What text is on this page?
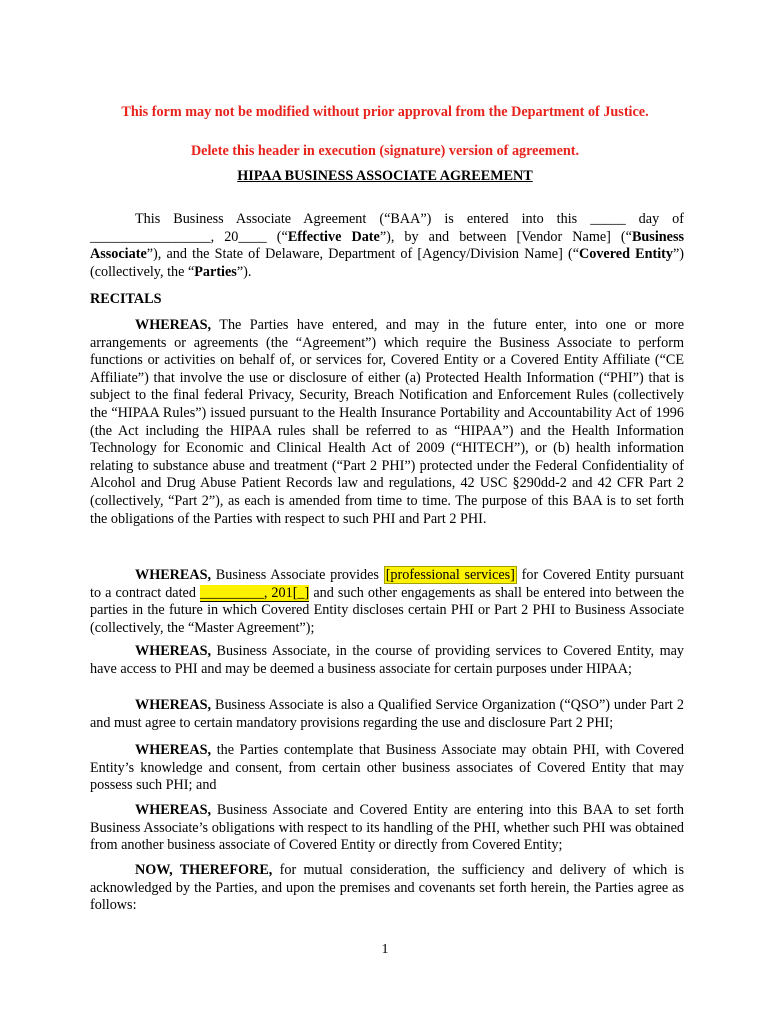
This form may not be modified without prior approval from the Department of Justice.
Delete this header in execution (signature) version of agreement.
HIPAA BUSINESS ASSOCIATE AGREEMENT
This Business Associate Agreement (“BAA”) is entered into this _____ day of _________________, 20____ (“Effective Date”), by and between [Vendor Name] (“Business Associate”), and the State of Delaware, Department of [Agency/Division Name] (“Covered Entity”) (collectively, the “Parties”).
RECITALS
WHEREAS, The Parties have entered, and may in the future enter, into one or more arrangements or agreements (the “Agreement”) which require the Business Associate to perform functions or activities on behalf of, or services for, Covered Entity or a Covered Entity Affiliate (“CE Affiliate”) that involve the use or disclosure of either (a) Protected Health Information (“PHI”) that is subject to the final federal Privacy, Security, Breach Notification and Enforcement Rules (collectively the “HIPAA Rules”) issued pursuant to the Health Insurance Portability and Accountability Act of 1996 (the Act including the HIPAA rules shall be referred to as “HIPAA”) and the Health Information Technology for Economic and Clinical Health Act of 2009 (“HITECH”), or (b) health information relating to substance abuse and treatment (“Part 2 PHI”) protected under the Federal Confidentiality of Alcohol and Drug Abuse Patient Records law and regulations, 42 USC §290dd-2 and 42 CFR Part 2 (collectively, “Part 2”), as each is amended from time to time. The purpose of this BAA is to set forth the obligations of the Parties with respect to such PHI and Part 2 PHI.
WHEREAS, Business Associate provides [professional services] for Covered Entity pursuant to a contract dated _________, 201[_] and such other engagements as shall be entered into between the parties in the future in which Covered Entity discloses certain PHI or Part 2 PHI to Business Associate (collectively, the “Master Agreement”);
WHEREAS, Business Associate, in the course of providing services to Covered Entity, may have access to PHI and may be deemed a business associate for certain purposes under HIPAA;
WHEREAS, Business Associate is also a Qualified Service Organization (“QSO”) under Part 2 and must agree to certain mandatory provisions regarding the use and disclosure Part 2 PHI;
WHEREAS, the Parties contemplate that Business Associate may obtain PHI, with Covered Entity’s knowledge and consent, from certain other business associates of Covered Entity that may possess such PHI; and
WHEREAS, Business Associate and Covered Entity are entering into this BAA to set forth Business Associate’s obligations with respect to its handling of the PHI, whether such PHI was obtained from another business associate of Covered Entity or directly from Covered Entity;
NOW, THEREFORE, for mutual consideration, the sufficiency and delivery of which is acknowledged by the Parties, and upon the premises and covenants set forth herein, the Parties agree as follows:
1
